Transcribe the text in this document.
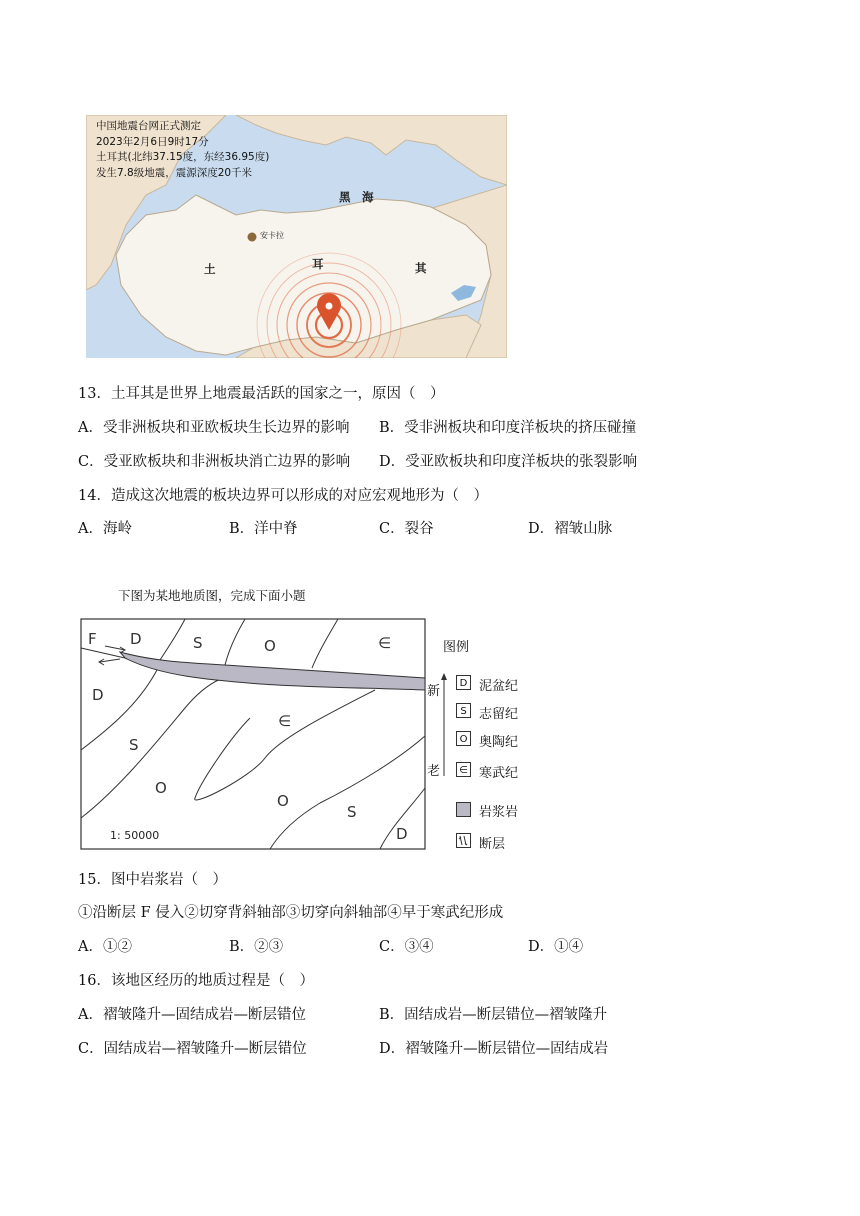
中国地震台网正式测定
2023年2月6日9时17分
土耳其(北纬37.15度，东经36.95度)
发生7.8级地震，震源深度20千米
黑　海
安卡拉
土	耳	其
13．土耳其是世界上地震最活跃的国家之一，原因（　）
A．受非洲板块和亚欧板块生长边界的影响 B．受非洲板块和印度洋板块的挤压碰撞
C．受亚欧板块和非洲板块消亡边界的影响 D．受亚欧板块和印度洋板块的张裂影响
14．造成这次地震的板块边界可以形成的对应宏观地形为（　）
A．海岭	B．洋中脊	C．裂谷	D．褶皱山脉
下图为某地地质图，完成下面小题
F D	S	O	∈
D
S
∈
O
O
S
D
1: 50000
图例
新
老
D 泥盆纪
S 志留纪
O 奥陶纪
∈ 寒武纪
岩浆岩
断层
15．图中岩浆岩（　）
①沿断层 F 侵入②切穿背斜轴部③切穿向斜轴部④早于寒武纪形成
A．①②	B．②③	C．③④	D．①④
16．该地区经历的地质过程是（　）
A．褶皱隆升—固结成岩—断层错位	B．固结成岩—断层错位—褶皱隆升
C．固结成岩—褶皱隆升—断层错位	D．褶皱隆升—断层错位—固结成岩
